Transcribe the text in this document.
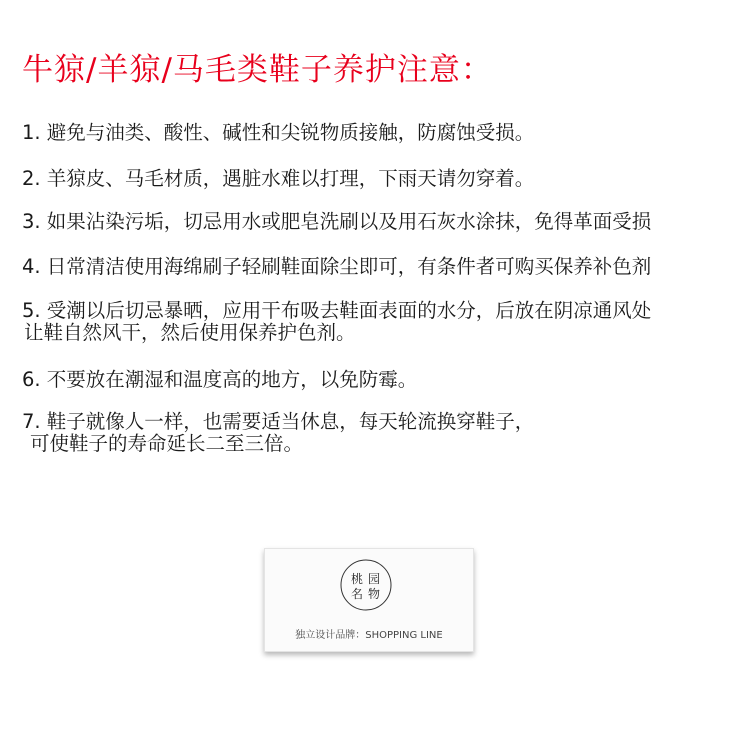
牛猄/羊猄/马毛类鞋子养护注意：
1. 避免与油类、酸性、碱性和尖锐物质接触，防腐蚀受损。
2. 羊猄皮、马毛材质，遇脏水难以打理，下雨天请勿穿着。
3. 如果沾染污垢，切忌用水或肥皂洗刷以及用石灰水涂抹，免得革面受损
4. 日常清洁使用海绵刷子轻刷鞋面除尘即可，有条件者可购买保养补色剂
5. 受潮以后切忌暴晒，应用干布吸去鞋面表面的水分，后放在阴凉通风处
让鞋自然风干，然后使用保养护色剂。
6. 不要放在潮湿和温度高的地方，以免防霉。
7. 鞋子就像人一样，也需要适当休息，每天轮流换穿鞋子，
可使鞋子的寿命延长二至三倍。
桃 园
名 物
独立设计品牌：SHOPPING LINE
